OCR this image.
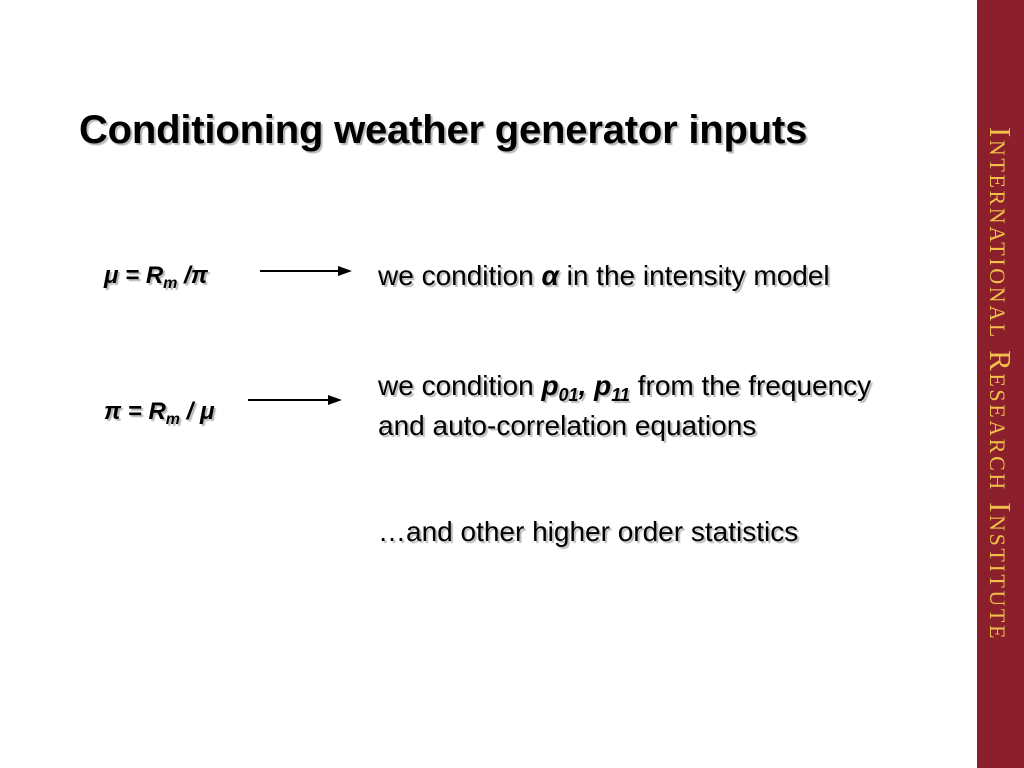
Conditioning weather generator inputs
$\mu = R_m$ /π	we condition α in the intensity model
$\pi = R_m / \mu$
we condition $p_{01}$, $p_{11}$ from the frequency and auto-correlation equations
…and other higher order statistics	International Research Institute
